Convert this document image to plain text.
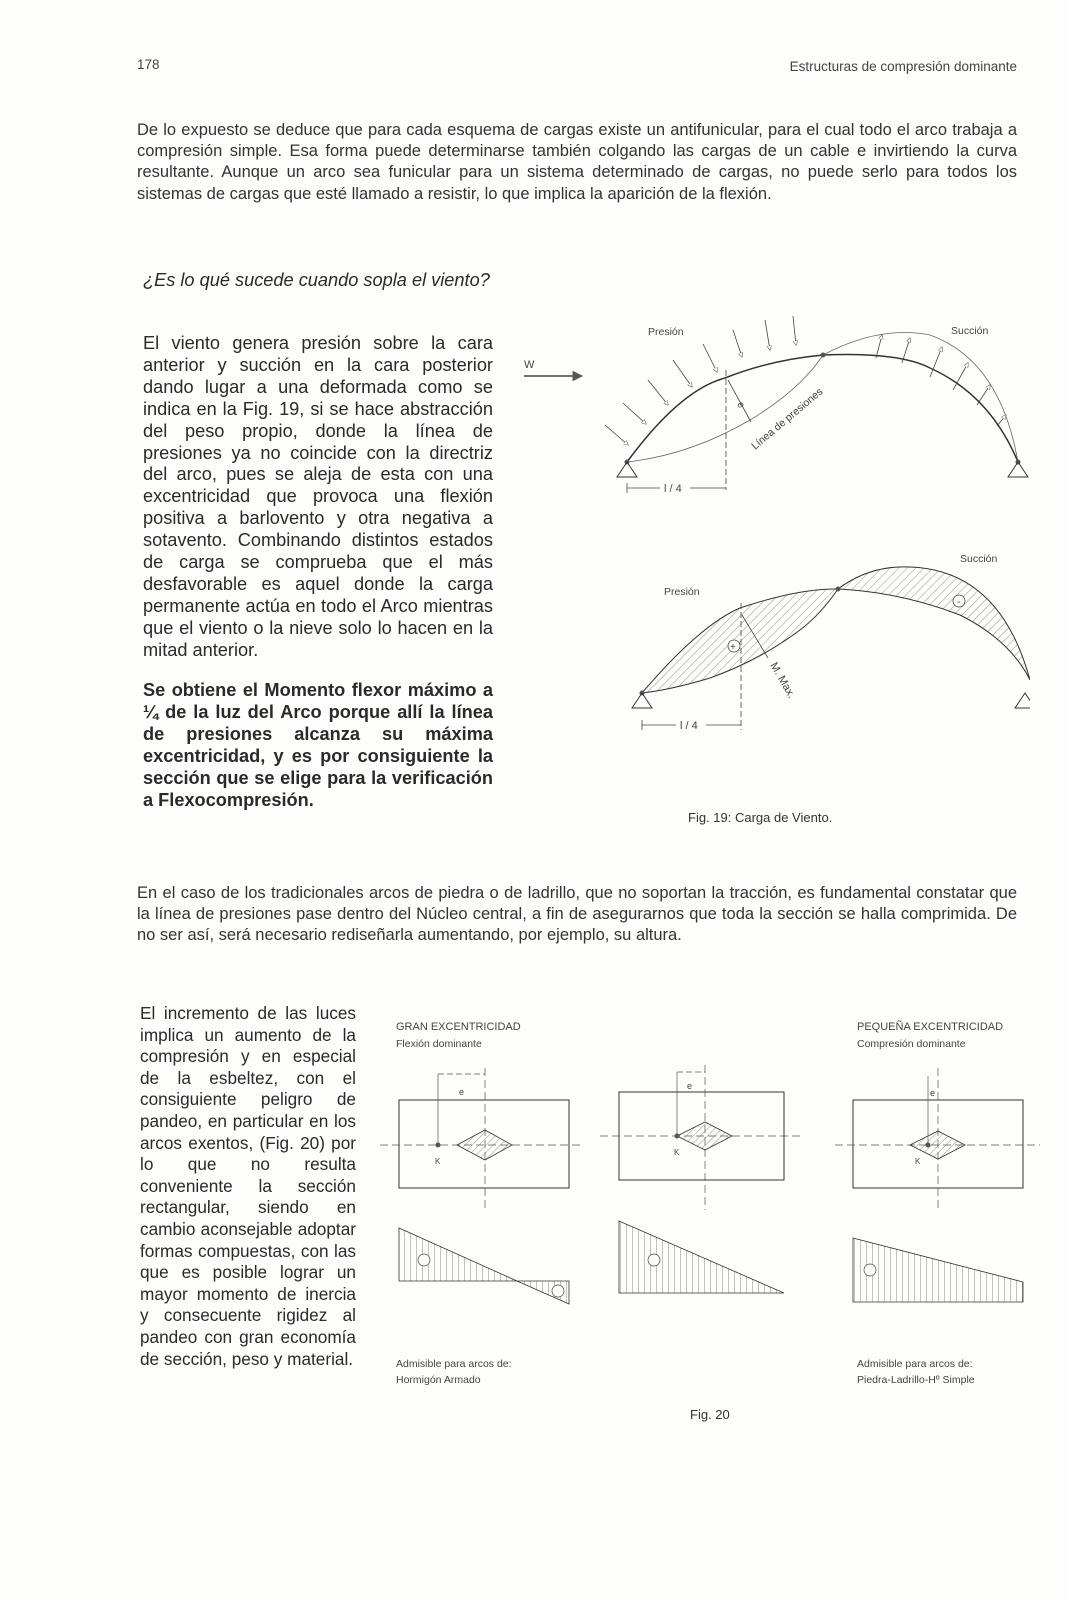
178	Estructuras de compresión dominante
De lo expuesto se deduce que para cada esquema de cargas existe un antifunicular, para el cual todo el arco trabaja a compresión simple. Esa forma puede determinarse también colgando las cargas de un cable e invirtiendo la curva resultante. Aunque un arco sea funicular para un sistema determinado de cargas, no puede serlo para todos los sistemas de cargas que esté llamado a resistir, lo que implica la aparición de la flexión.
¿Es lo qué sucede cuando sopla el viento?
El viento genera presión sobre la cara anterior y succión en la cara posterior dando lugar a una deformada como se indica en la Fig. 19, si se hace abstracción del peso propio, donde la línea de presiones ya no coincide con la directriz del arco, pues se aleja de esta con una excentricidad que provoca una flexión positiva a barlovento y otra negativa a sotavento. Combinando distintos estados de carga se comprueba que el más desfavorable es aquel donde la carga permanente actúa en todo el Arco mientras que el viento o la nieve solo lo hacen en la mitad anterior.
Se obtiene el Momento flexor máximo a ¼ de la luz del Arco porque allí la línea de presiones alcanza su máxima excentricidad, y es por consiguiente la sección que se elige para la verificación a Flexocompresión.
W
Presión	Succión
e Línea de presiones
l / 4
Presión
Succión
+
-
M. Max.
l / 4
Fig. 19: Carga de Viento.
En el caso de los tradicionales arcos de piedra o de ladrillo, que no soportan la tracción, es fundamental constatar que la línea de presiones pase dentro del Núcleo central, a fin de asegurarnos que toda la sección se halla comprimida. De no ser así, será necesario rediseñarla aumentando, por ejemplo, su altura.
El incremento de las luces implica un aumento de la compresión y en especial de la esbeltez, con el consiguiente peligro de pandeo, en particular en los arcos exentos, (Fig. 20) por lo que no resulta conveniente la sección rectangular, siendo en cambio aconsejable adoptar formas compuestas, con las que es posible lograr un mayor momento de inercia y consecuente rigidez al pandeo con gran economía de sección, peso y material.
GRAN EXCENTRICIDAD
Flexión dominante
PEQUEÑA EXCENTRICIDAD
Compresión dominante
e
K
e
K
e
K
Admisible para arcos de:
Hormigón Armado
Admisible para arcos de:
Piedra-Ladrillo-Hº Simple
Fig. 20
